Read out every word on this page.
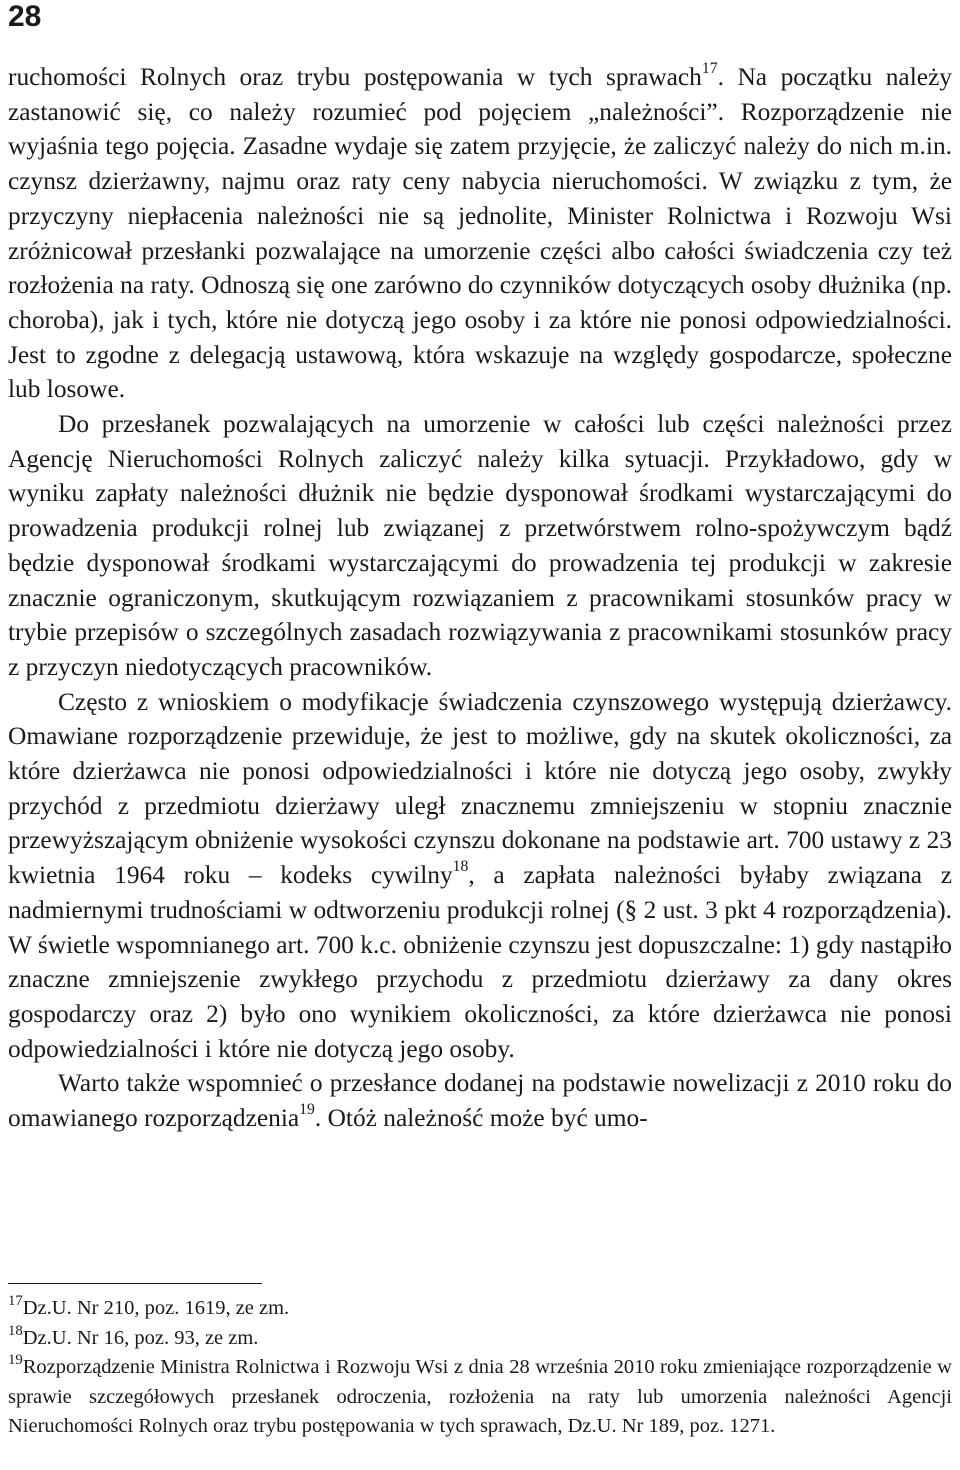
28

ruchomości Rolnych oraz trybu postępowania w tych sprawach$^{17}$. Na początku należy zastanowić się, co należy rozumieć pod pojęciem „należności”. Rozporządzenie nie wyjaśnia tego pojęcia. Zasadne wydaje się zatem przyjęcie, że zaliczyć należy do nich m.in. czynsz dzierżawny, najmu oraz raty ceny nabycia nieruchomości. W związku z tym, że przyczyny niepłacenia należności nie są jednolite, Minister Rolnictwa i Rozwoju Wsi zróżnicował przesłanki pozwalające na umorzenie części albo całości świadczenia czy też rozłożenia na raty. Odnoszą się one zarówno do czynników dotyczących osoby dłużnika (np. choroba), jak i tych, które nie dotyczą jego osoby i za które nie ponosi odpowiedzialności. Jest to zgodne z delegacją ustawową, która wskazuje na względy gospodarcze, społeczne lub losowe.

Do przesłanek pozwalających na umorzenie w całości lub części należności przez Agencję Nieruchomości Rolnych zaliczyć należy kilka sytuacji. Przykładowo, gdy w wyniku zapłaty należności dłużnik nie będzie dysponował środkami wystarczającymi do prowadzenia produkcji rolnej lub związanej z przetwórstwem rolno-spożywczym bądź będzie dysponował środkami wystarczającymi do prowadzenia tej produkcji w zakresie znacznie ograniczonym, skutkującym rozwiązaniem z pracownikami stosunków pracy w trybie przepisów o szczególnych zasadach rozwiązywania z pracownikami stosunków pracy z przyczyn niedotyczących pracowników.

Często z wnioskiem o modyfikacje świadczenia czynszowego występują dzierżawcy. Omawiane rozporządzenie przewiduje, że jest to możliwe, gdy na skutek okoliczności, za które dzierżawca nie ponosi odpowiedzialności i które nie dotyczą jego osoby, zwykły przychód z przedmiotu dzierżawy uległ znacznemu zmniejszeniu w stopniu znacznie przewyższającym obniżenie wysokości czynszu dokonane na podstawie art. 700 ustawy z 23 kwietnia 1964 roku – kodeks cywilny$^{18}$, a zapłata należności byłaby związana z nadmiernymi trudnościami w odtworzeniu produkcji rolnej (§ 2 ust. 3 pkt 4 rozporządzenia). W świetle wspomnianego art. 700 k.c. obniżenie czynszu jest dopuszczalne: 1) gdy nastąpiło znaczne zmniejszenie zwykłego przychodu z przedmiotu dzierżawy za dany okres gospodarczy oraz 2) było ono wynikiem okoliczności, za które dzierżawca nie ponosi odpowiedzialności i które nie dotyczą jego osoby.

Warto także wspomnieć o przesłance dodanej na podstawie nowelizacji z 2010 roku do omawianego rozporządzenia$^{19}$. Otóż należność może być umo-

$^{17}$Dz.U. Nr 210, poz. 1619, ze zm.

$^{18}$Dz.U. Nr 16, poz. 93, ze zm.

$^{19}$Rozporządzenie Ministra Rolnictwa i Rozwoju Wsi z dnia 28 września 2010 roku zmieniające rozporządzenie w sprawie szczegółowych przesłanek odroczenia, rozłożenia na raty lub umorzenia należności Agencji Nieruchomości Rolnych oraz trybu postępowania w tych sprawach, Dz.U. Nr 189, poz. 1271.
